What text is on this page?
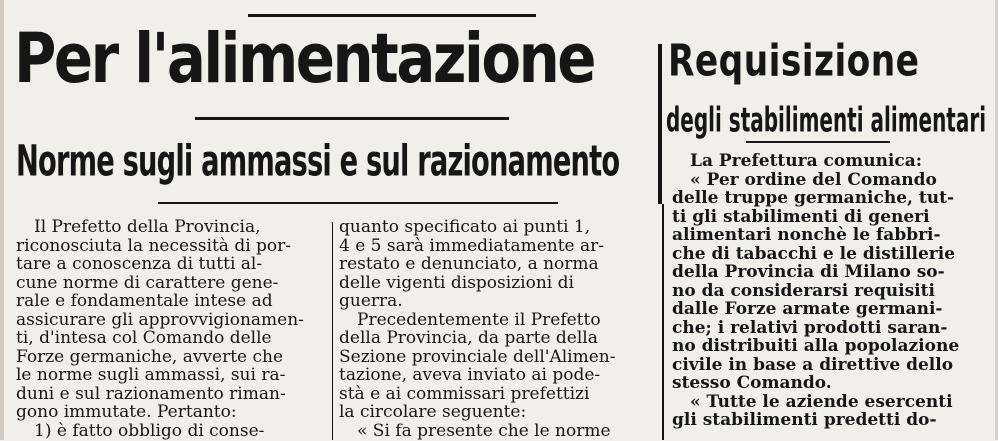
Per l'alimentazione
Norme sugli ammassi e sul razionamento
Requisizione
degli stabilimenti alimentari
Il Prefetto della Provincia,
riconosciuta la necessità di por-
tare a conoscenza di tutti al-
cune norme di carattere gene-
rale e fondamentale intese ad
assicurare gli approvvigionamen-
ti, d'intesa col Comando delle
Forze germaniche, avverte che
le norme sugli ammassi, sui ra-
duni e sul razionamento riman-
gono immutate. Pertanto:
1) è fatto obbligo di conse-
quanto specificato ai punti 1,
4 e 5 sarà immediatamente ar-
restato e denunciato, a norma
delle vigenti disposizioni di
guerra.
Precedentemente il Prefetto
della Provincia, da parte della
Sezione provinciale dell'Alimen-
tazione, aveva inviato ai pode-
stà e ai commissari prefettizi
la circolare seguente:
« Si fa presente che le norme
La Prefettura comunica:
« Per ordine del Comando
delle truppe germaniche, tut-
ti gli stabilimenti di generi
alimentari nonchè le fabbri-
che di tabacchi e le distillerie
della Provincia di Milano so-
no da considerarsi requisiti
dalle Forze armate germani-
che; i relativi prodotti saran-
no distribuiti alla popolazione
civile in base a direttive dello
stesso Comando.
« Tutte le aziende esercenti
gli stabilimenti predetti do-
